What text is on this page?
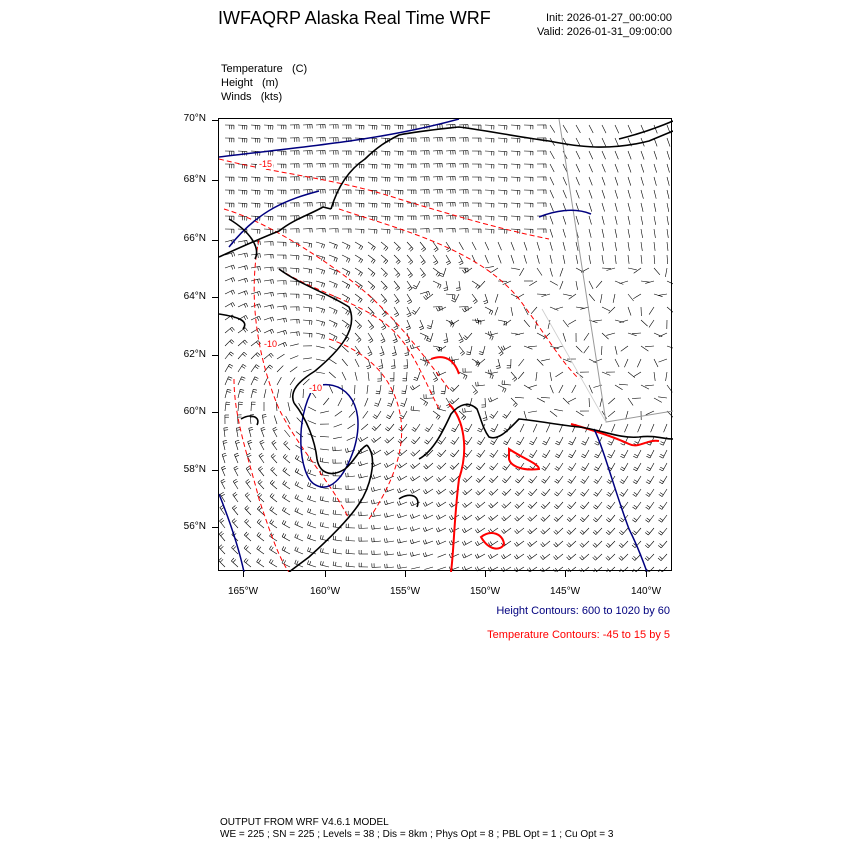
IWFAQRP Alaska Real Time WRF	Init: 2026-01-27_00:00:00
Valid: 2026-01-31_09:00:00
Temperature (C)
Height (m)
Winds (kts)
-15
-10
-10
70°N
68°N
66°N
64°N
62°N
60°N
58°N
56°N
165°W	160°W	155°W	150°W	145°W	140°W
Height Contours: 600 to 1020 by 60
Temperature Contours: -45 to 15 by 5
OUTPUT FROM WRF V4.6.1 MODEL
WE = 225 ; SN = 225 ; Levels = 38 ; Dis = 8km ; Phys Opt = 8 ; PBL Opt = 1 ; Cu Opt = 3
